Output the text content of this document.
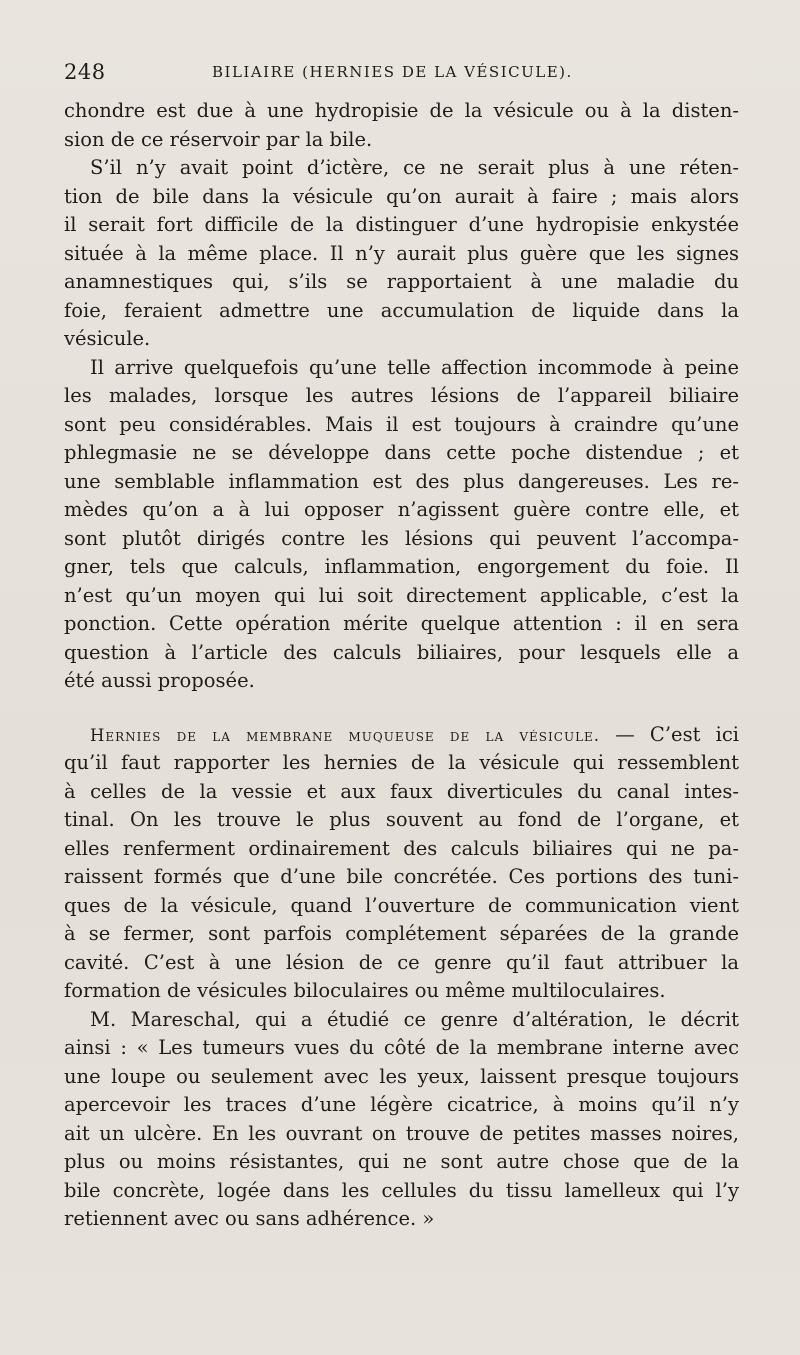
248	BILIAIRE (HERNIES DE LA VÉSICULE).
chondre est due à une hydropisie de la vésicule ou à la disten-
sion de ce réservoir par la bile.
S’il n’y avait point d’ictère, ce ne serait plus à une réten-
tion de bile dans la vésicule qu’on aurait à faire ; mais alors
il serait fort difficile de la distinguer d’une hydropisie enkystée
située à la même place. Il n’y aurait plus guère que les signes
anamnestiques qui, s’ils se rapportaient à une maladie du
foie, feraient admettre une accumulation de liquide dans la
vésicule.
Il arrive quelquefois qu’une telle affection incommode à peine
les malades, lorsque les autres lésions de l’appareil biliaire
sont peu considérables. Mais il est toujours à craindre qu’une
phlegmasie ne se développe dans cette poche distendue ; et
une semblable inflammation est des plus dangereuses. Les re-
mèdes qu’on a à lui opposer n’agissent guère contre elle, et
sont plutôt dirigés contre les lésions qui peuvent l’accompa-
gner, tels que calculs, inflammation, engorgement du foie. Il
n’est qu’un moyen qui lui soit directement applicable, c’est la
ponction. Cette opération mérite quelque attention : il en sera
question à l’article des calculs biliaires, pour lesquels elle a
été aussi proposée.
Hernies de la membrane muqueuse de la vésicule. — C’est ici
qu’il faut rapporter les hernies de la vésicule qui ressemblent
à celles de la vessie et aux faux diverticules du canal intes-
tinal. On les trouve le plus souvent au fond de l’organe, et
elles renferment ordinairement des calculs biliaires qui ne pa-
raissent formés que d’une bile concrétée. Ces portions des tuni-
ques de la vésicule, quand l’ouverture de communication vient
à se fermer, sont parfois complétement séparées de la grande
cavité. C’est à une lésion de ce genre qu’il faut attribuer la
formation de vésicules biloculaires ou même multiloculaires.
M. Mareschal, qui a étudié ce genre d’altération, le décrit
ainsi : « Les tumeurs vues du côté de la membrane interne avec
une loupe ou seulement avec les yeux, laissent presque toujours
apercevoir les traces d’une légère cicatrice, à moins qu’il n’y
ait un ulcère. En les ouvrant on trouve de petites masses noires,
plus ou moins résistantes, qui ne sont autre chose que de la
bile concrète, logée dans les cellules du tissu lamelleux qui l’y
retiennent avec ou sans adhérence. »
